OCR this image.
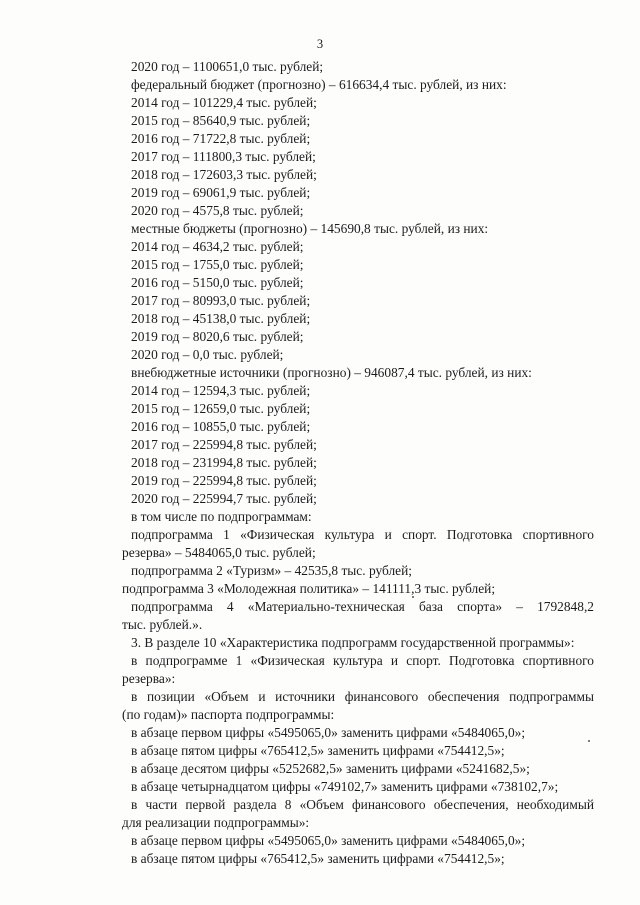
3
2020 год – 1100651,0 тыс. рублей;
федеральный бюджет (прогнозно) – 616634,4 тыс. рублей, из них:
2014 год – 101229,4 тыс. рублей;
2015 год – 85640,9 тыс. рублей;
2016 год – 71722,8 тыс. рублей;
2017 год – 111800,3 тыс. рублей;
2018 год – 172603,3 тыс. рублей;
2019 год – 69061,9 тыс. рублей;
2020 год – 4575,8 тыс. рублей;
местные бюджеты (прогнозно) – 145690,8 тыс. рублей, из них:
2014 год – 4634,2 тыс. рублей;
2015 год – 1755,0 тыс. рублей;
2016 год – 5150,0 тыс. рублей;
2017 год – 80993,0 тыс. рублей;
2018 год – 45138,0 тыс. рублей;
2019 год – 8020,6 тыс. рублей;
2020 год – 0,0 тыс. рублей;
внебюджетные источники (прогнозно) – 946087,4 тыс. рублей, из них:
2014 год – 12594,3 тыс. рублей;
2015 год – 12659,0 тыс. рублей;
2016 год – 10855,0 тыс. рублей;
2017 год – 225994,8 тыс. рублей;
2018 год – 231994,8 тыс. рублей;
2019 год – 225994,8 тыс. рублей;
2020 год – 225994,7 тыс. рублей;
в том числе по подпрограммам:
подпрограмма 1 «Физическая культура и спорт. Подготовка спортивного
резерва» – 5484065,0 тыс. рублей;
подпрограмма 2 «Туризм» – 42535,8 тыс. рублей;
подпрограмма 3 «Молодежная политика» – 141111,3 тыс. рублей;
подпрограмма 4 «Материально-техническая база спорта» – 1792848,2
тыс. рублей.».
3. В разделе 10 «Характеристика подпрограмм государственной программы»:
в подпрограмме 1 «Физическая культура и спорт. Подготовка спортивного
резерва»:
в позиции «Объем и источники финансового обеспечения подпрограммы
(по годам)» паспорта подпрограммы:
в абзаце первом цифры «5495065,0» заменить цифрами «5484065,0»;
в абзаце пятом цифры «765412,5» заменить цифрами «754412,5»;
в абзаце десятом цифры «5252682,5» заменить цифрами «5241682,5»;
в абзаце четырнадцатом цифры «749102,7» заменить цифрами «738102,7»;
в части первой раздела 8 «Объем финансового обеспечения, необходимый
для реализации подпрограммы»:
в абзаце первом цифры «5495065,0» заменить цифрами «5484065,0»;
в абзаце пятом цифры «765412,5» заменить цифрами «754412,5»;
